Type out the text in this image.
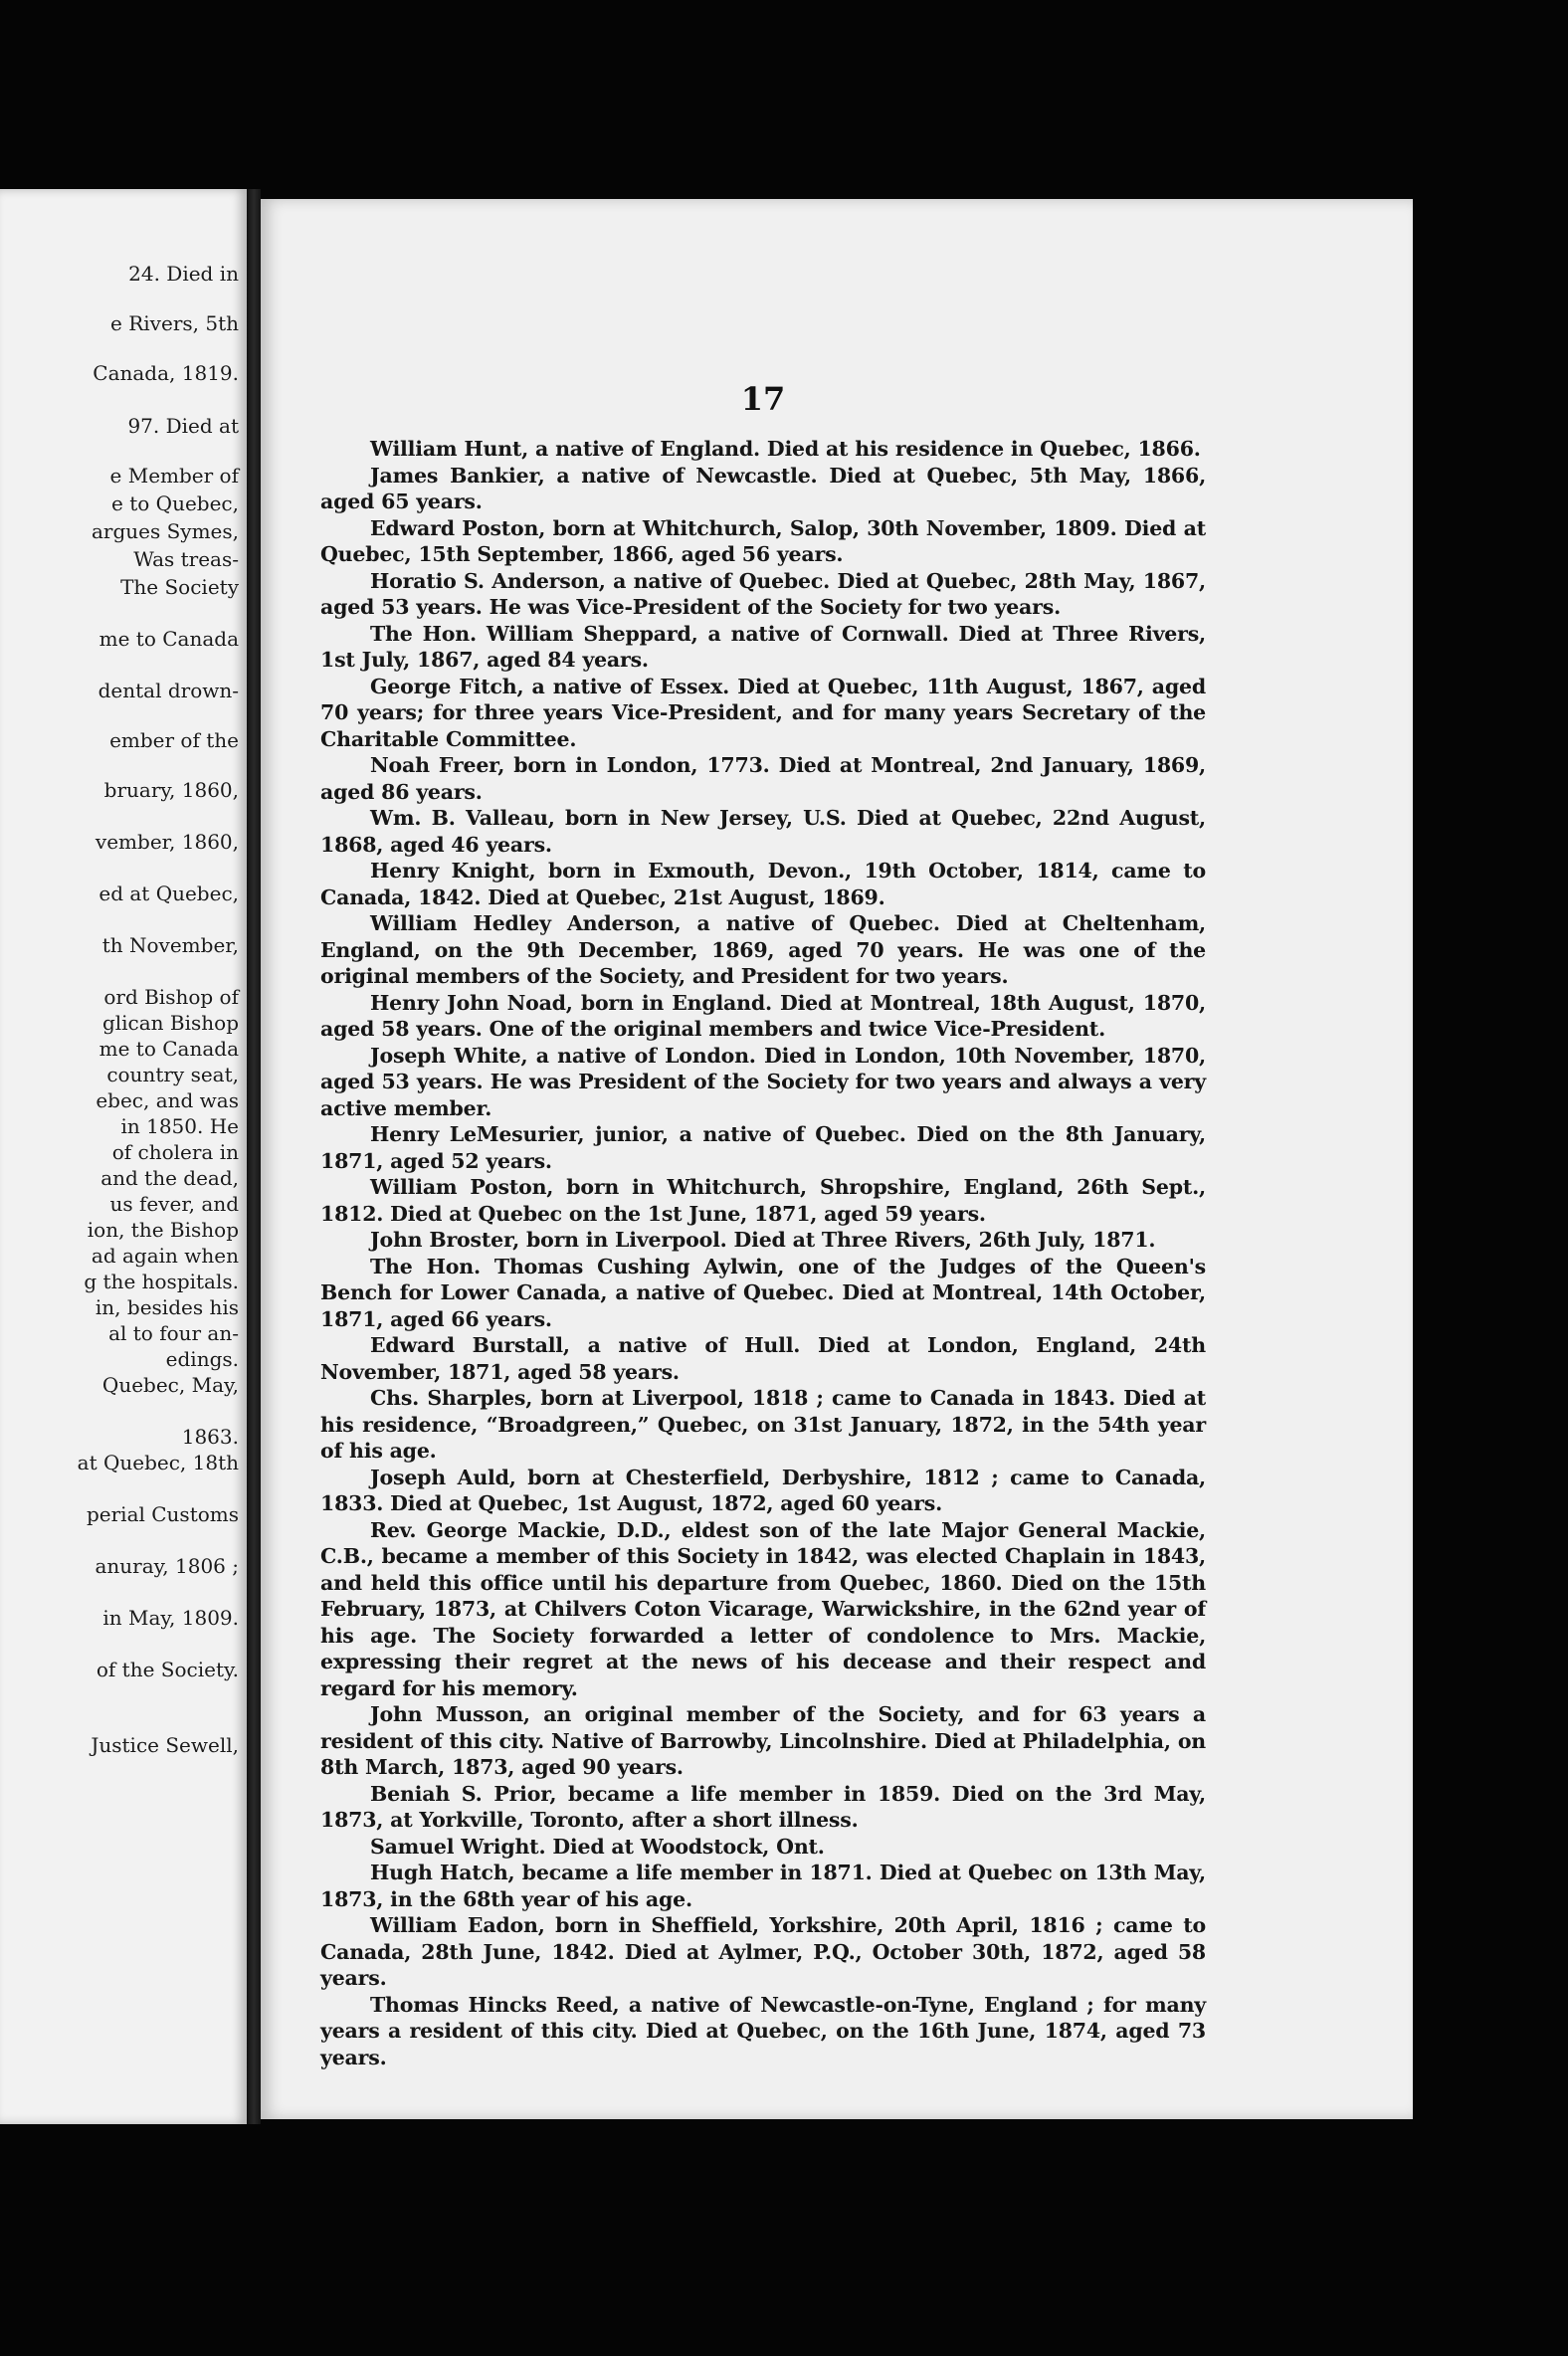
24. Died in
e Rivers, 5th
Canada, 1819.
97. Died at
e Member of
e to Quebec,
argues Symes,
Was treas-
The Society
me to Canada
dental drown-
ember of the
bruary, 1860,
vember, 1860,
ed at Quebec,
th November,
ord Bishop of
glican Bishop
me to Canada
country seat,
ebec, and was
in 1850. He
of cholera in
and the dead,
us fever, and
ion, the Bishop
ad again when
g the hospitals.
in, besides his
al to four an-
edings.
Quebec, May,
1863.
at Quebec, 18th
perial Customs
anuray, 1806 ;
in May, 1809.
of the Society.
Justice Sewell,
17

William Hunt, a native of England. Died at his residence in Quebec, 1866.

James Bankier, a native of Newcastle. Died at Quebec, 5th May, 1866, aged 65 years.

Edward Poston, born at Whitchurch, Salop, 30th November, 1809. Died at Quebec, 15th September, 1866, aged 56 years.

Horatio S. Anderson, a native of Quebec. Died at Quebec, 28th May, 1867, aged 53 years. He was Vice-President of the Society for two years.

The Hon. William Sheppard, a native of Cornwall. Died at Three Rivers, 1st July, 1867, aged 84 years.

George Fitch, a native of Essex. Died at Quebec, 11th August, 1867, aged 70 years; for three years Vice-President, and for many years Secretary of the Charitable Committee.

Noah Freer, born in London, 1773. Died at Montreal, 2nd January, 1869, aged 86 years.

Wm. B. Valleau, born in New Jersey, U.S. Died at Quebec, 22nd August, 1868, aged 46 years.

Henry Knight, born in Exmouth, Devon., 19th October, 1814, came to Canada, 1842. Died at Quebec, 21st August, 1869.

William Hedley Anderson, a native of Quebec. Died at Cheltenham, England, on the 9th December, 1869, aged 70 years. He was one of the original members of the Society, and President for two years.

Henry John Noad, born in England. Died at Montreal, 18th August, 1870, aged 58 years. One of the original members and twice Vice-President.

Joseph White, a native of London. Died in London, 10th November, 1870, aged 53 years. He was President of the Society for two years and always a very active member.

Henry LeMesurier, junior, a native of Quebec. Died on the 8th January, 1871, aged 52 years.

William Poston, born in Whitchurch, Shropshire, England, 26th Sept., 1812. Died at Quebec on the 1st June, 1871, aged 59 years.

John Broster, born in Liverpool. Died at Three Rivers, 26th July, 1871.

The Hon. Thomas Cushing Aylwin, one of the Judges of the Queen's Bench for Lower Canada, a native of Quebec. Died at Montreal, 14th October, 1871, aged 66 years.

Edward Burstall, a native of Hull. Died at London, England, 24th November, 1871, aged 58 years.

Chs. Sharples, born at Liverpool, 1818 ; came to Canada in 1843. Died at his residence, “Broadgreen,” Quebec, on 31st January, 1872, in the 54th year of his age.

Joseph Auld, born at Chesterfield, Derbyshire, 1812 ; came to Canada, 1833. Died at Quebec, 1st August, 1872, aged 60 years.

Rev. George Mackie, D.D., eldest son of the late Major General Mackie, C.B., became a member of this Society in 1842, was elected Chaplain in 1843, and held this office until his departure from Quebec, 1860. Died on the 15th February, 1873, at Chilvers Coton Vicarage, Warwickshire, in the 62nd year of his age. The Society forwarded a letter of condolence to Mrs. Mackie, expressing their regret at the news of his decease and their respect and regard for his memory.

John Musson, an original member of the Society, and for 63 years a resident of this city. Native of Barrowby, Lincolnshire. Died at Philadelphia, on 8th March, 1873, aged 90 years.

Beniah S. Prior, became a life member in 1859. Died on the 3rd May, 1873, at Yorkville, Toronto, after a short illness.

Samuel Wright. Died at Woodstock, Ont.

Hugh Hatch, became a life member in 1871. Died at Quebec on 13th May, 1873, in the 68th year of his age.

William Eadon, born in Sheffield, Yorkshire, 20th April, 1816 ; came to Canada, 28th June, 1842. Died at Aylmer, P.Q., October 30th, 1872, aged 58 years.

Thomas Hincks Reed, a native of Newcastle-on-Tyne, England ; for many years a resident of this city. Died at Quebec, on the 16th June, 1874, aged 73 years.
